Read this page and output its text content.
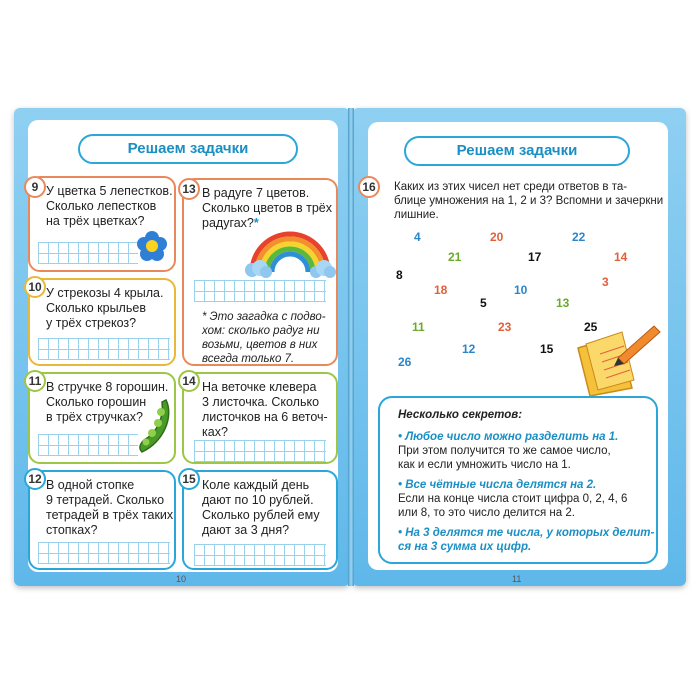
Решаем задачки
У цветка 5 лепестков.
Сколько лепестков
на трёх цветках?
9
У стрекозы 4 крыла.
Сколько крыльев
у трёх стрекоз?
10
В стручке 8 горошин.
Сколько горошин
в трёх стручках?
11
В одной стопке
9 тетрадей. Сколько
тетрадей в трёх таких
стопках?
12
В радуге 7 цветов.
Сколько цветов в трёх
радугах?*
* Это загадка с подво-
хом: сколько радуг ни
возьми, цветов в них
всегда только 7.
13
На веточке клевера
3 листочка. Сколько
листочков на 6 веточ-
ках?
14
Коле каждый день
дают по 10 рублей.
Сколько рублей ему
дают за 3 дня?
15
10
Решаем задачки
16	Каких из этих чисел нет среди ответов в та-
блице умножения на 1, 2 и 3? Вспомни и зачеркни
лишние.
4	20	22
21	17	14
8	3
18	10
5	13
11	23	25
12	15
26

Несколько секретов:

• Любое число можно разделить на 1.

При этом получится то же самое число,

как и если умножить число на 1.

• Все чётные числа делятся на 2.

Если на конце числа стоит цифра 0, 2, 4, 6

или 8, то это число делится на 2.

• На 3 делятся те числа, у которых делит-

ся на 3 сумма их цифр.

11
